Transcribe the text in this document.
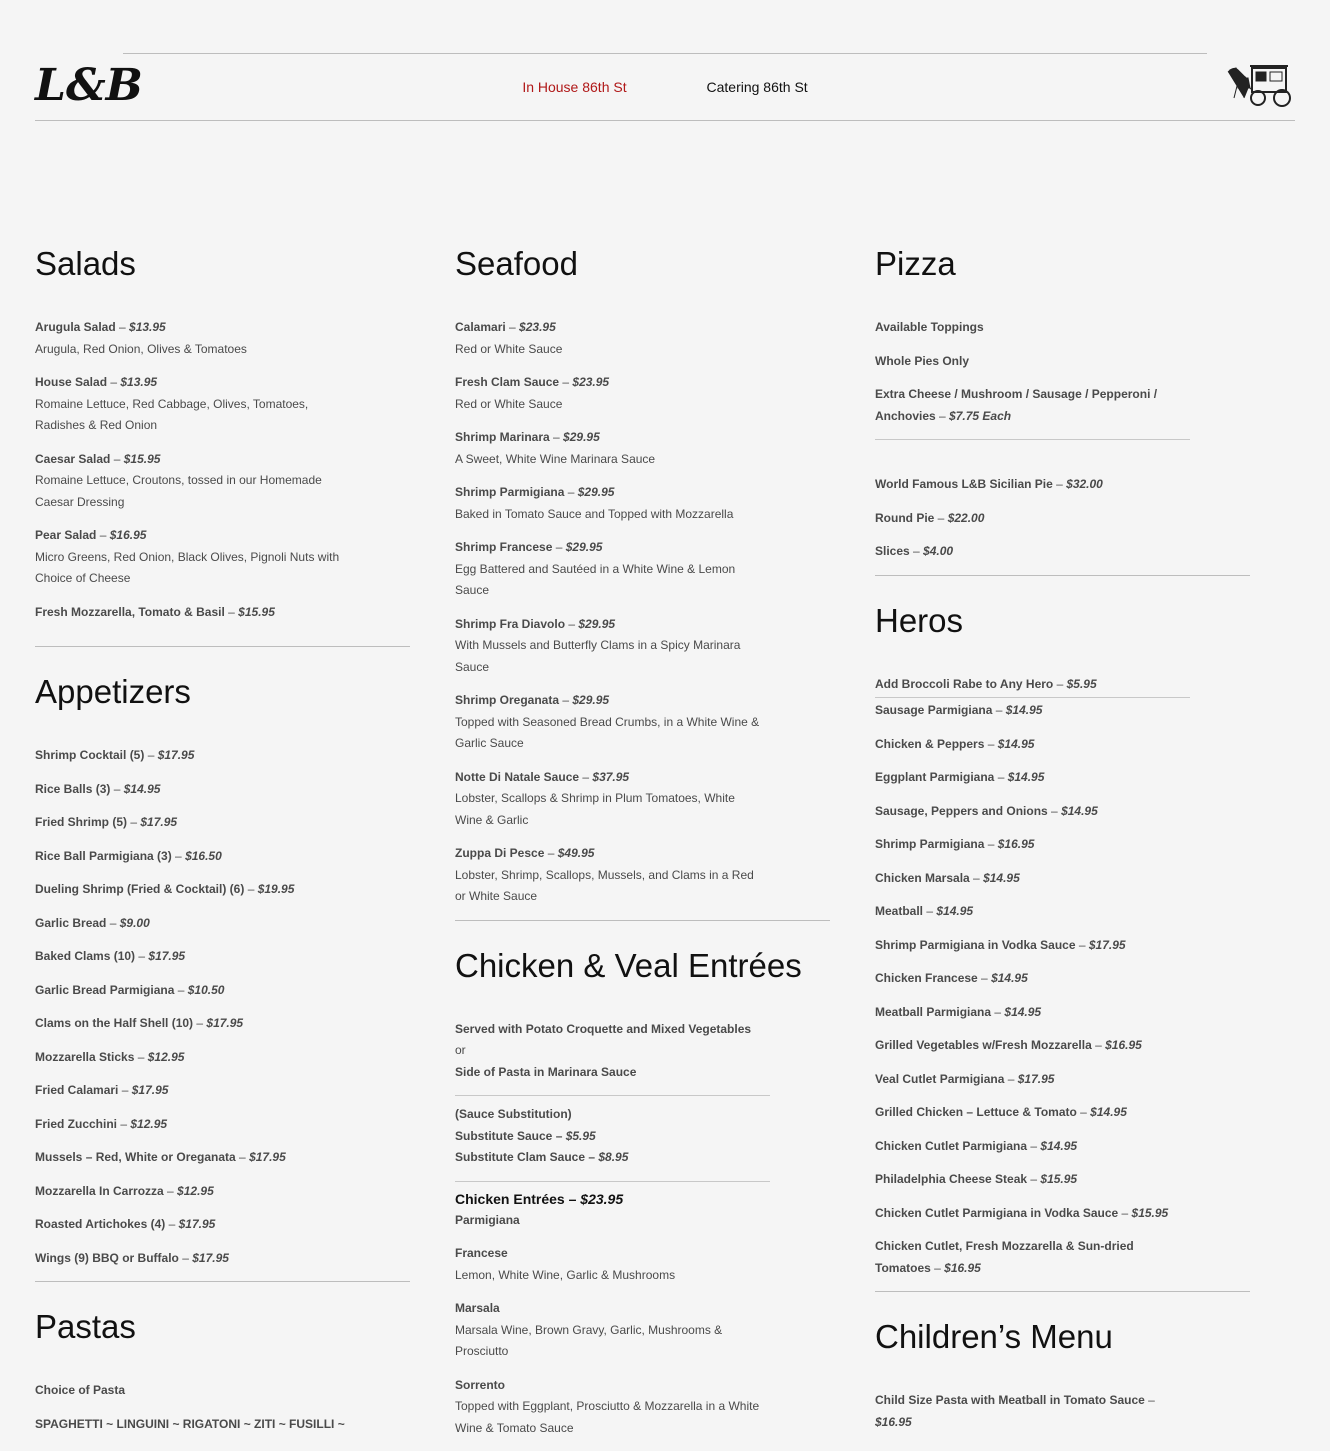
L&B	In House 86th St	Catering 86th St
Salads
Arugula Salad – $13.95
Arugula, Red Onion, Olives & Tomatoes
House Salad – $13.95
Romaine Lettuce, Red Cabbage, Olives, Tomatoes, Radishes & Red Onion
Caesar Salad – $15.95
Romaine Lettuce, Croutons, tossed in our Homemade Caesar Dressing
Pear Salad – $16.95
Micro Greens, Red Onion, Black Olives, Pignoli Nuts with Choice of Cheese
Fresh Mozzarella, Tomato & Basil – $15.95
Appetizers
Shrimp Cocktail (5) – $17.95
Rice Balls (3) – $14.95
Fried Shrimp (5) – $17.95
Rice Ball Parmigiana (3) – $16.50
Dueling Shrimp (Fried & Cocktail) (6) – $19.95
Garlic Bread – $9.00
Baked Clams (10) – $17.95
Garlic Bread Parmigiana – $10.50
Clams on the Half Shell (10) – $17.95
Mozzarella Sticks – $12.95
Fried Calamari – $17.95
Fried Zucchini – $12.95
Mussels – Red, White or Oreganata – $17.95
Mozzarella In Carrozza – $12.95
Roasted Artichokes (4) – $17.95
Wings (9) BBQ or Buffalo – $17.95
Pastas
Choice of Pasta
SPAGHETTI ~ LINGUINI ~ RIGATONI ~ ZITI ~ FUSILLI ~
Seafood
Calamari – $23.95
Red or White Sauce
Fresh Clam Sauce – $23.95
Red or White Sauce
Shrimp Marinara – $29.95
A Sweet, White Wine Marinara Sauce
Shrimp Parmigiana – $29.95
Baked in Tomato Sauce and Topped with Mozzarella
Shrimp Francese – $29.95
Egg Battered and Sautéed in a White Wine & Lemon Sauce
Shrimp Fra Diavolo – $29.95
With Mussels and Butterfly Clams in a Spicy Marinara Sauce
Shrimp Oreganata – $29.95
Topped with Seasoned Bread Crumbs, in a White Wine & Garlic Sauce
Notte Di Natale Sauce – $37.95
Lobster, Scallops & Shrimp in Plum Tomatoes, White Wine & Garlic
Zuppa Di Pesce – $49.95
Lobster, Shrimp, Scallops, Mussels, and Clams in a Red or White Sauce
Chicken & Veal Entrées
Served with Potato Croquette and Mixed Vegetables
or
Side of Pasta in Marinara Sauce
(Sauce Substitution)
Substitute Sauce – $5.95
Substitute Clam Sauce – $8.95
Chicken Entrées – $23.95
Parmigiana
Francese
Lemon, White Wine, Garlic & Mushrooms
Marsala
Marsala Wine, Brown Gravy, Garlic, Mushrooms & Prosciutto
Sorrento
Topped with Eggplant, Prosciutto & Mozzarella in a White Wine & Tomato Sauce
Pizza
Available Toppings
Whole Pies Only
Extra Cheese / Mushroom / Sausage / Pepperoni / Anchovies – $7.75 Each
World Famous L&B Sicilian Pie – $32.00
Round Pie – $22.00
Slices – $4.00
Heros
Add Broccoli Rabe to Any Hero – $5.95
Sausage Parmigiana – $14.95
Chicken & Peppers – $14.95
Eggplant Parmigiana – $14.95
Sausage, Peppers and Onions – $14.95
Shrimp Parmigiana – $16.95
Chicken Marsala – $14.95
Meatball – $14.95
Shrimp Parmigiana in Vodka Sauce – $17.95
Chicken Francese – $14.95
Meatball Parmigiana – $14.95
Grilled Vegetables w/Fresh Mozzarella – $16.95
Veal Cutlet Parmigiana – $17.95
Grilled Chicken – Lettuce & Tomato – $14.95
Chicken Cutlet Parmigiana – $14.95
Philadelphia Cheese Steak – $15.95
Chicken Cutlet Parmigiana in Vodka Sauce – $15.95
Chicken Cutlet, Fresh Mozzarella & Sun-dried Tomatoes – $16.95
Children’s Menu
Child Size Pasta with Meatball in Tomato Sauce – $16.95
